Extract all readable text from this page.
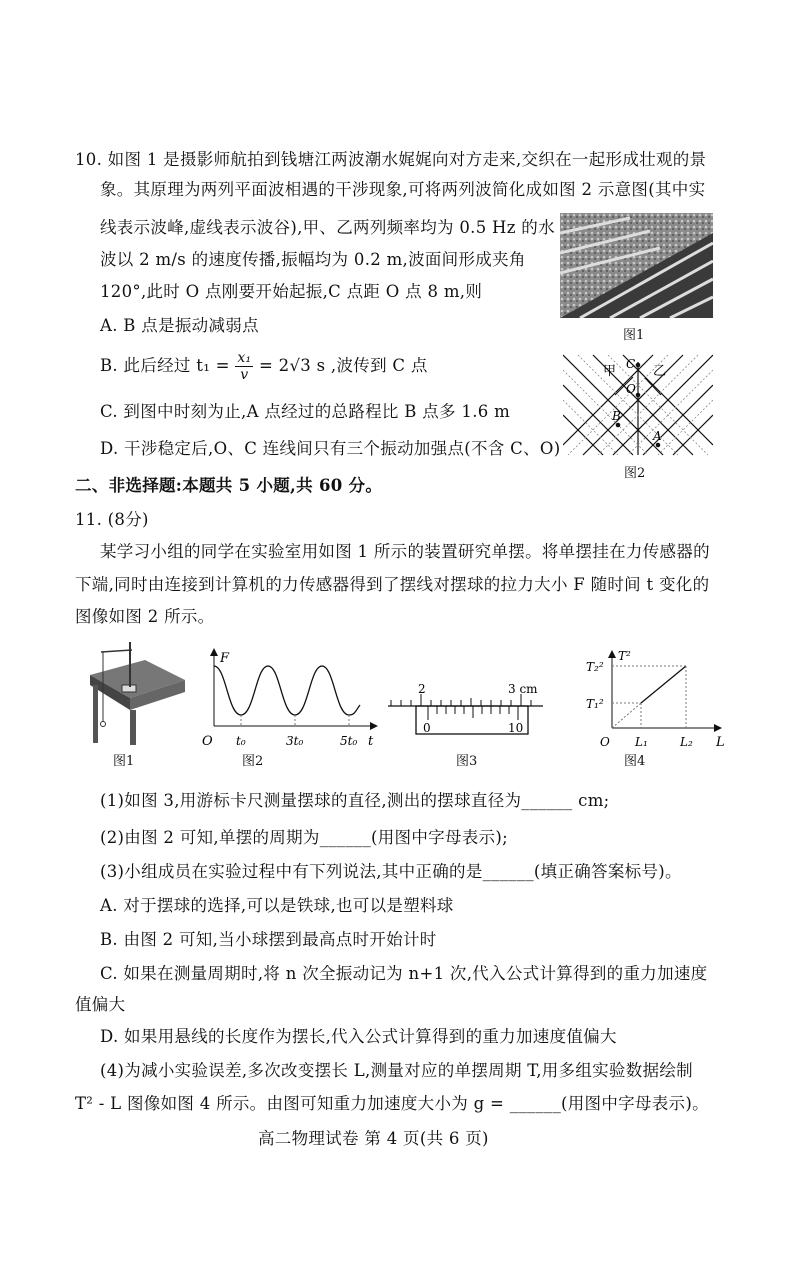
10. 如图 1 是摄影师航拍到钱塘江两波潮水娓娓向对方走来,交织在一起形成壮观的景
象。其原理为两列平面波相遇的干涉现象,可将两列波简化成如图 2 示意图(其中实
线表示波峰,虚线表示波谷),甲、乙两列频率均为 0.5 Hz 的水
波以 2 m/s 的速度传播,振幅均为 0.2 m,波面间形成夹角
120°,此时 O 点刚要开始起振,C 点距 O 点 8 m,则
A. B 点是振动减弱点
B. 此后经过 $t_1 = \frac{\text{x₁}}{v} = 2√3$ s ,波传到 C 点
C. 到图中时刻为止,A 点经过的总路程比 B 点多 1.6 m
D. 干涉稳定后,O、C 连线间只有三个振动加强点(不含 C、O)
图1
甲	乙
C
O
B
A
图2
二、非选择题:本题共 5 小题,共 60 分。
11. (8分)
某学习小组的同学在实验室用如图 1 所示的装置研究单摆。将单摆挂在力传感器的
下端,同时由连接到计算机的力传感器得到了摆线对摆球的拉力大小 F 随时间 t 变化的
图像如图 2 所示。
图1
F
O t₀	3t₀	5t₀ t
图2
2	3 cm
0	10
图3
T²
T₂²
T₁²
O L₁	L₂ L
图4
(1)如图 3,用游标卡尺测量摆球的直径,测出的摆球直径为______ cm;
(2)由图 2 可知,单摆的周期为______(用图中字母表示);
(3)小组成员在实验过程中有下列说法,其中正确的是______(填正确答案标号)。
A. 对于摆球的选择,可以是铁球,也可以是塑料球
B. 由图 2 可知,当小球摆到最高点时开始计时
C. 如果在测量周期时,将 n 次全振动记为 n+1 次,代入公式计算得到的重力加速度
值偏大
D. 如果用悬线的长度作为摆长,代入公式计算得到的重力加速度值偏大
(4)为减小实验误差,多次改变摆长 L,测量对应的单摆周期 T,用多组实验数据绘制
T² - L 图像如图 4 所示。由图可知重力加速度大小为 g = ______(用图中字母表示)。
高二物理试卷 第 4 页(共 6 页)
